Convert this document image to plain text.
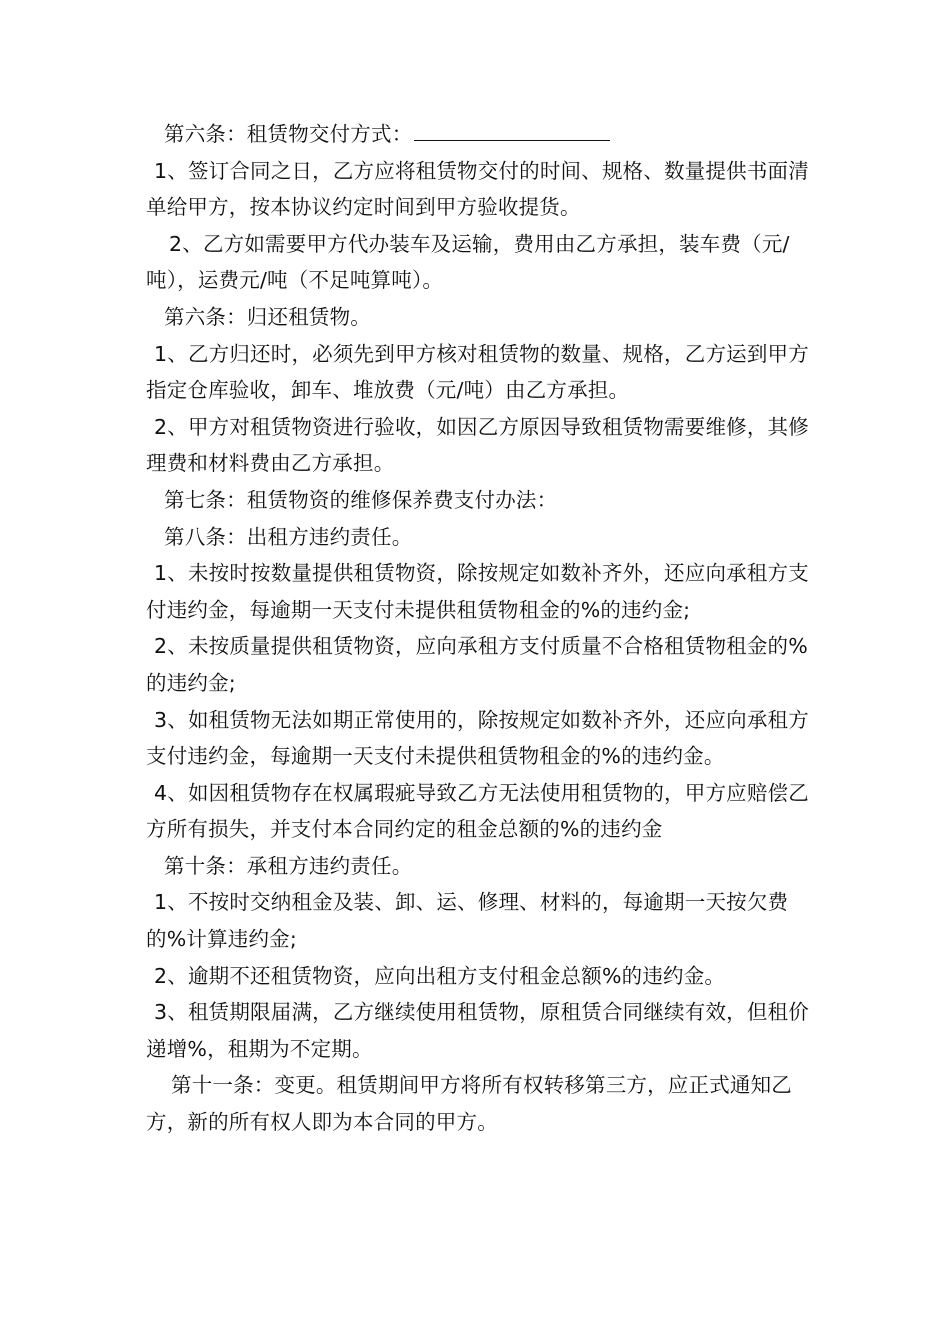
第六条：租赁物交付方式：

1、签订合同之日，乙方应将租赁物交付的时间、规格、数量提供书面清单给甲方，按本协议约定时间到甲方验收提货。

2、乙方如需要甲方代办装车及运输，费用由乙方承担，装车费（元/吨），运费元/吨（不足吨算吨）。

第六条：归还租赁物。

1、乙方归还时，必须先到甲方核对租赁物的数量、规格，乙方运到甲方指定仓库验收，卸车、堆放费（元/吨）由乙方承担。

2、甲方对租赁物资进行验收，如因乙方原因导致租赁物需要维修，其修理费和材料费由乙方承担。

第七条：租赁物资的维修保养费支付办法：

第八条：出租方违约责任。

1、未按时按数量提供租赁物资，除按规定如数补齐外，还应向承租方支付违约金，每逾期一天支付未提供租赁物租金的%的违约金;

2、未按质量提供租赁物资，应向承租方支付质量不合格租赁物租金的%的违约金;

3、如租赁物无法如期正常使用的，除按规定如数补齐外，还应向承租方支付违约金，每逾期一天支付未提供租赁物租金的%的违约金。

4、如因租赁物存在权属瑕疵导致乙方无法使用租赁物的，甲方应赔偿乙方所有损失，并支付本合同约定的租金总额的%的违约金

第十条：承租方违约责任。

1、不按时交纳租金及装、卸、运、修理、材料的，每逾期一天按欠费的%计算违约金;

2、逾期不还租赁物资，应向出租方支付租金总额%的违约金。

3、租赁期限届满，乙方继续使用租赁物，原租赁合同继续有效，但租价递增%，租期为不定期。

第十一条：变更。租赁期间甲方将所有权转移第三方，应正式通知乙方，新的所有权人即为本合同的甲方。
